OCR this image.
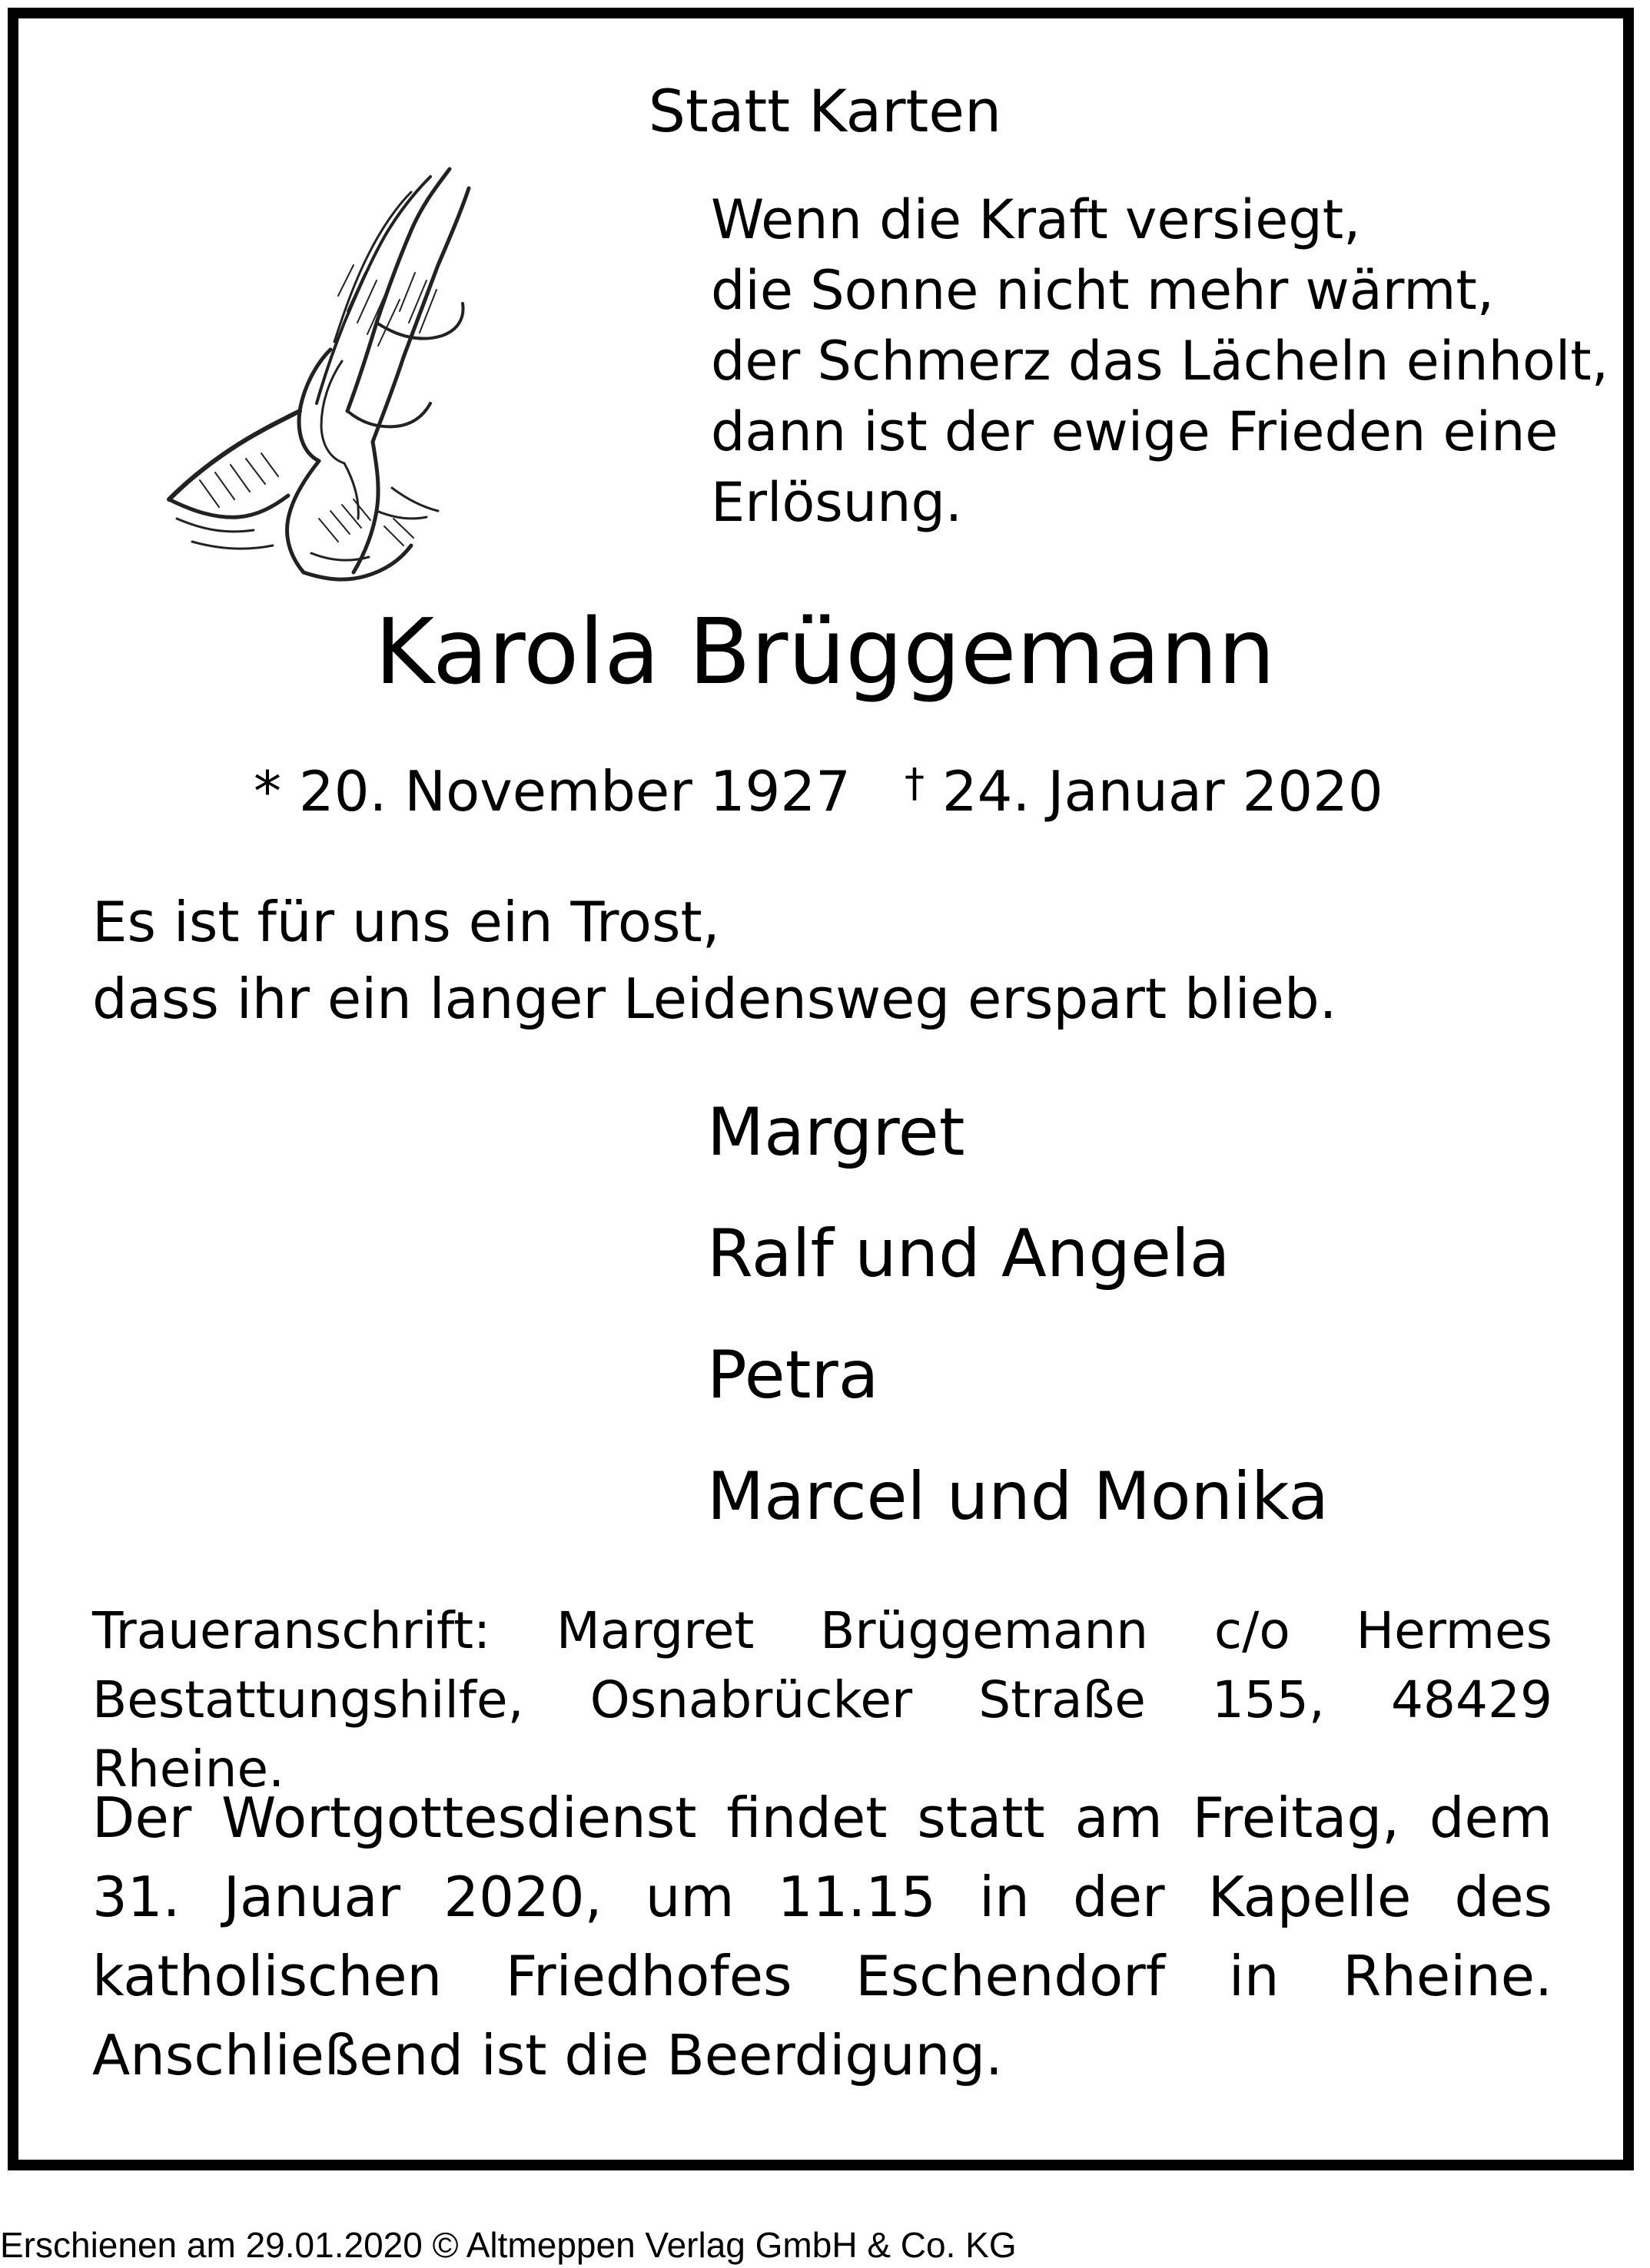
Statt Karten
Wenn die Kraft versiegt,
die Sonne nicht mehr wärmt,
der Schmerz das Lächeln einholt,
dann ist der ewige Frieden eine
Erlösung.
Karola Brüggemann
* 20. November 1927 † 24. Januar 2020
Es ist für uns ein Trost,
dass ihr ein langer Leidensweg erspart blieb.
Margret
Ralf und Angela
Petra
Marcel und Monika
Traueranschrift: Margret Brüggemann c/o Hermes Bestattungshilfe, Osnabrücker Straße 155, 48429 Rheine.
Der Wortgottesdienst findet statt am Freitag, dem 31. Januar 2020, um 11.15 in der Kapelle des katholischen Friedhofes Eschendorf in Rheine. Anschließend ist die Beerdigung.
Erschienen am 29.01.2020 © Altmeppen Verlag GmbH & Co. KG
